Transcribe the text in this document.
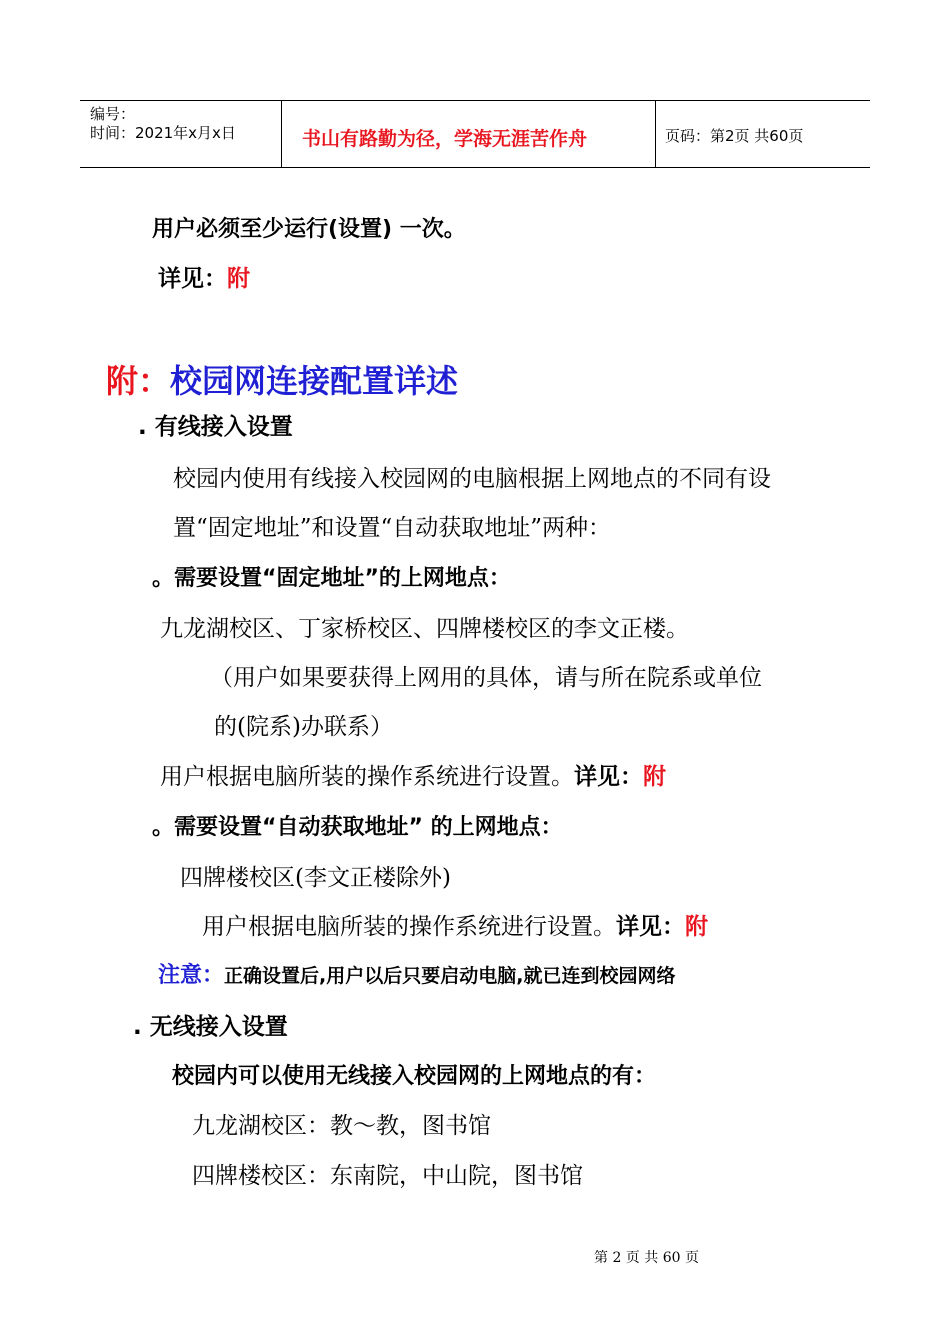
编号：
时间：2021年x月x日	书山有路勤为径，学海无涯苦作舟	页码：第2页 共60页
用户必须至少运行(设置) 一次。
详见：附
附：校园网连接配置详述
. 有线接入设置
校园内使用有线接入校园网的电脑根据上网地点的不同有设
置“固定地址”和设置“自动获取地址”两种：
。需要设置“固定地址”的上网地点：
九龙湖校区、丁家桥校区、四牌楼校区的李文正楼。
（用户如果要获得上网用的具体，请与所在院系或单位
的(院系)办联系）
用户根据电脑所装的操作系统进行设置。详见：附
。需要设置“自动获取地址” 的上网地点：
四牌楼校区(李文正楼除外)
用户根据电脑所装的操作系统进行设置。详见：附
注意：正确设置后,用户以后只要启动电脑,就已连到校园网络
. 无线接入设置
校园内可以使用无线接入校园网的上网地点的有：
九龙湖校区：教～教，图书馆
四牌楼校区：东南院，中山院，图书馆
第 2 页 共 60 页
